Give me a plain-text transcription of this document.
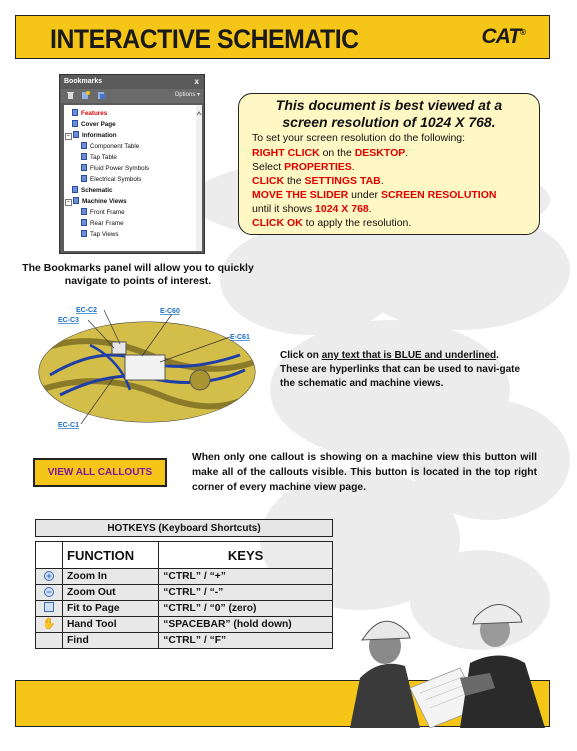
INTERACTIVE SCHEMATIC	CAT®
Bookmarks	x
Options ▾
Features
Cover Page
− Information
Component Table
Tap Table
Fluid Power Symbols
Electrical Symbols
Schematic
− Machine Views
Front Frame
Rear Frame
Tap Views
The Bookmarks panel will allow you to quickly navigate to points of interest.
This document is best viewed at a
screen resolution of 1024 X 768.
To set your screen resolution do the following:
RIGHT CLICK on the DESKTOP.
Select PROPERTIES.
CLICK the SETTINGS TAB.
MOVE THE SLIDER under SCREEN RESOLUTION
until it shows 1024 X 768.
CLICK OK to apply the resolution.
EC-C2
EC-C3
E-C60
E-C61
EC-C1
Click on any text that is BLUE and underlined. These are hyperlinks that can be used to navi-gate the schematic and machine views.
VIEW ALL CALLOUTS
When only one callout is showing on a machine view this button will make all of the callouts visible. This button is located in the top right corner of every machine view page.
HOTKEYS (Keyboard Shortcuts)
	FUNCTION	KEYS
+	Zoom In	“CTRL” / “+”
−	Zoom Out	“CTRL” / “-”
	Fit to Page	“CTRL” / “0” (zero)
✋	Hand Tool	“SPACEBAR” (hold down)
	Find	“CTRL” / “F”
